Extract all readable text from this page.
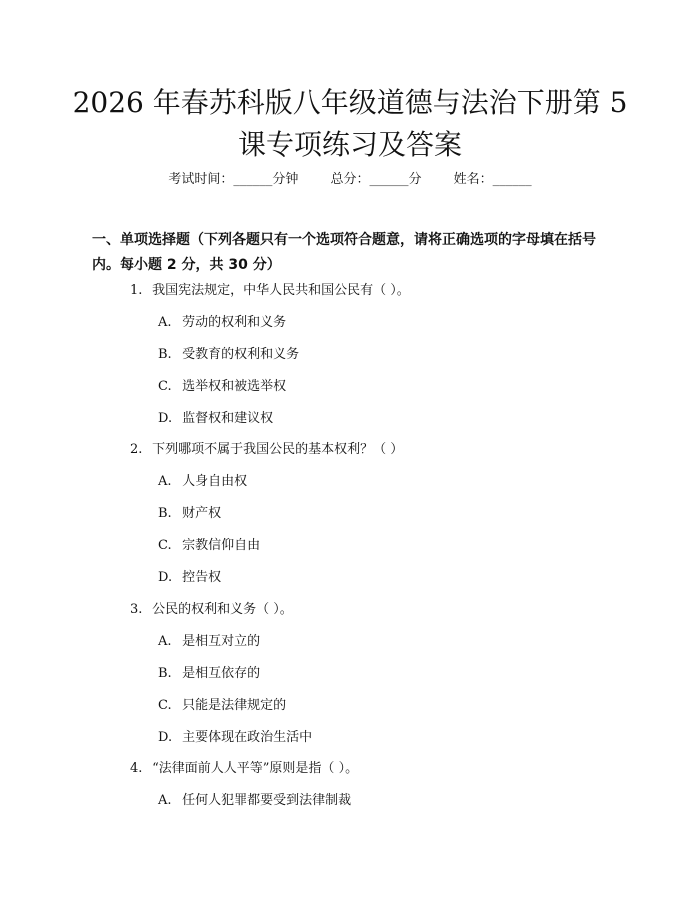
2026 年春苏科版八年级道德与法治下册第 5
课专项练习及答案
考试时间：______分钟 总分：______分 姓名：______

一、单项选择题（下列各题只有一个选项符合题意，请将正确选项的字母填在括号内。每小题 2 分，共 30 分）

1. 我国宪法规定，中华人民共和国公民有（ ）。
A. 劳动的权利和义务
B. 受教育的权利和义务
C. 选举权和被选举权
D. 监督权和建议权
2. 下列哪项不属于我国公民的基本权利？（ ）
A. 人身自由权
B. 财产权
C. 宗教信仰自由
D. 控告权
3. 公民的权利和义务（ ）。
A. 是相互对立的
B. 是相互依存的
C. 只能是法律规定的
D. 主要体现在政治生活中
4. “法律面前人人平等”原则是指（ ）。
A. 任何人犯罪都要受到法律制裁
